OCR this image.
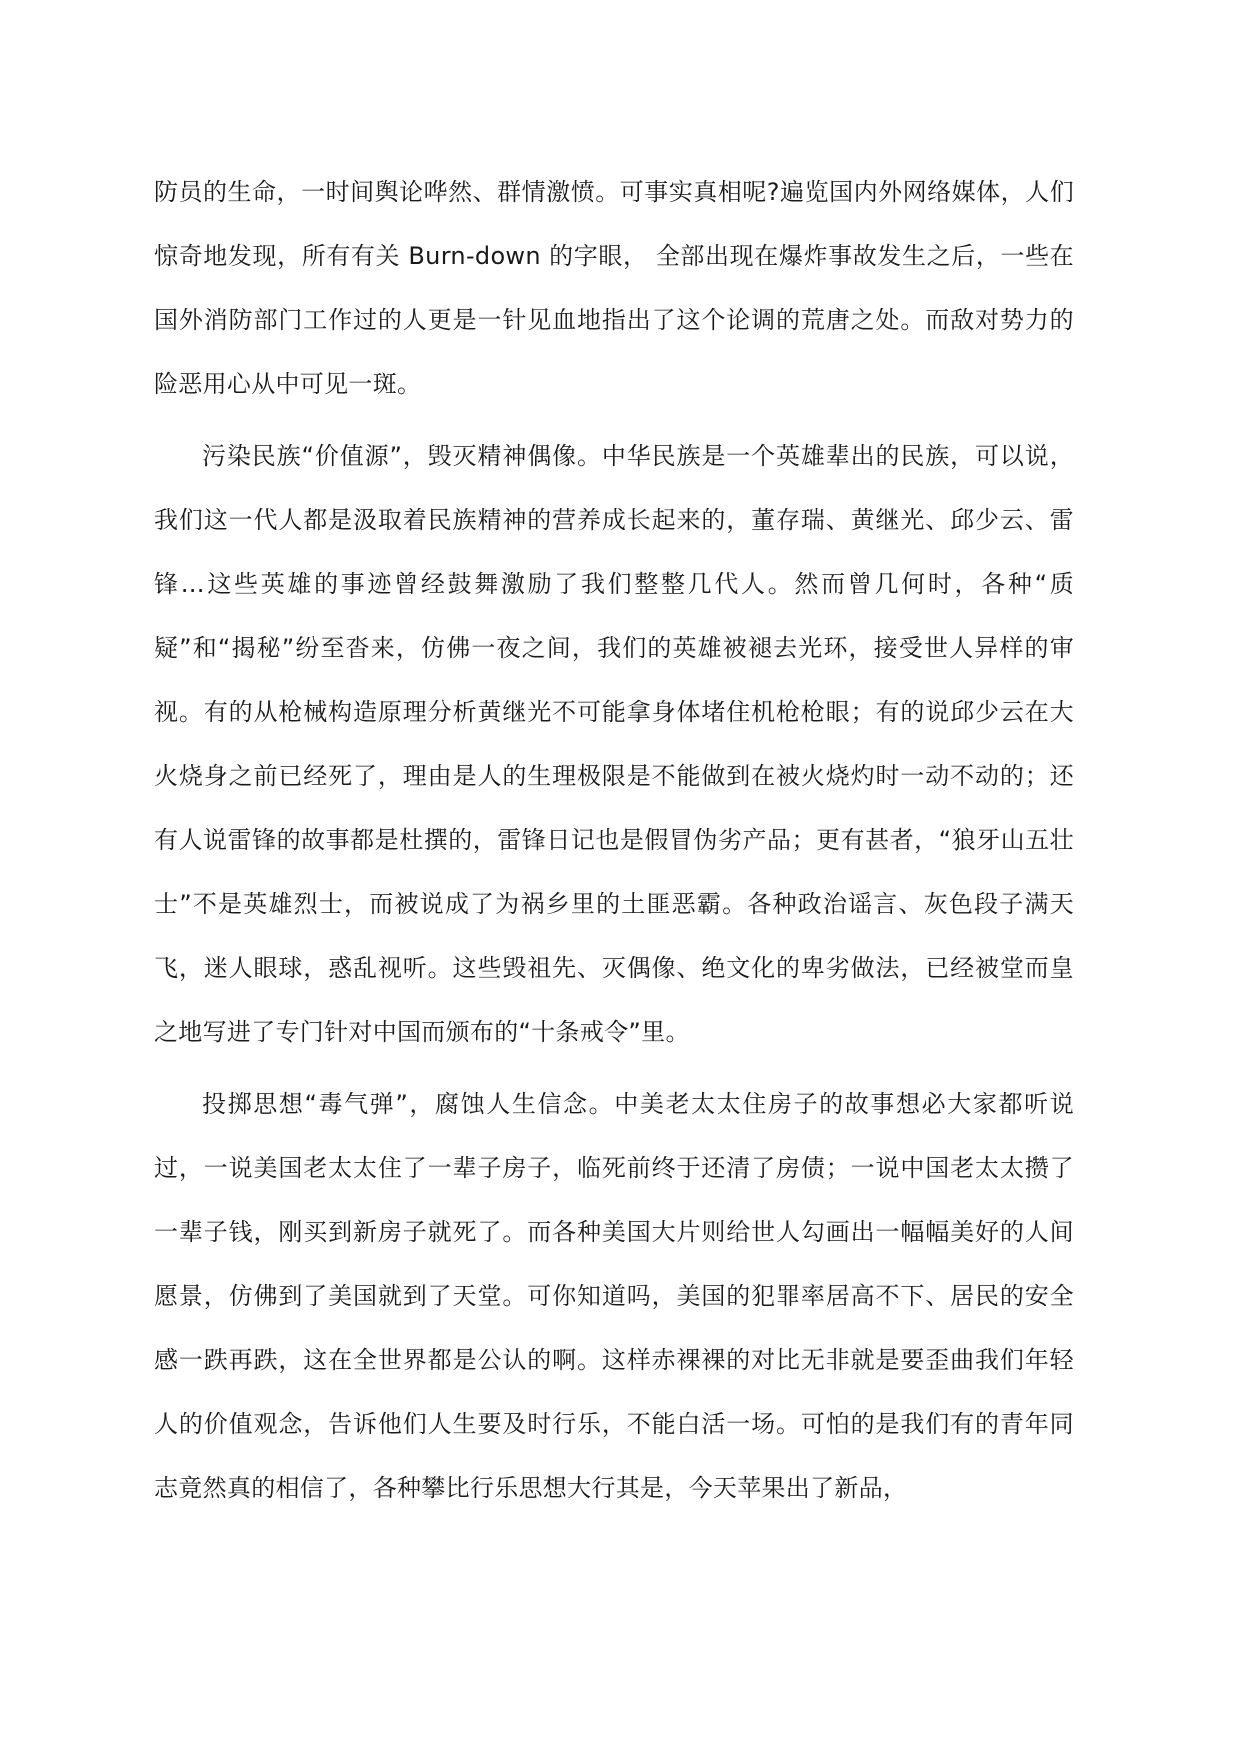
防员的生命，一时间舆论哗然、群情激愤。可事实真相呢?遍览国内外网络媒体，人们惊奇地发现，所有有关 Burn-down 的字眼， 全部出现在爆炸事故发生之后，一些在国外消防部门工作过的人更是一针见血地指出了这个论调的荒唐之处。而敌对势力的险恶用心从中可见一斑。

污染民族“价值源”，毁灭精神偶像。中华民族是一个英雄辈出的民族，可以说，我们这一代人都是汲取着民族精神的营养成长起来的，董存瑞、黄继光、邱少云、雷锋…这些英雄的事迹曾经鼓舞激励了我们整整几代人。然而曾几何时，各种“质疑”和“揭秘”纷至沓来，仿佛一夜之间，我们的英雄被褪去光环，接受世人异样的审视。有的从枪械构造原理分析黄继光不可能拿身体堵住机枪枪眼；有的说邱少云在大火烧身之前已经死了，理由是人的生理极限是不能做到在被火烧灼时一动不动的；还有人说雷锋的故事都是杜撰的，雷锋日记也是假冒伪劣产品；更有甚者，“狼牙山五壮士”不是英雄烈士，而被说成了为祸乡里的土匪恶霸。各种政治谣言、灰色段子满天飞，迷人眼球，惑乱视听。这些毁祖先、灭偶像、绝文化的卑劣做法，已经被堂而皇之地写进了专门针对中国而颁布的“十条戒令”里。

投掷思想“毒气弹”，腐蚀人生信念。中美老太太住房子的故事想必大家都听说过，一说美国老太太住了一辈子房子，临死前终于还清了房债；一说中国老太太攒了一辈子钱，刚买到新房子就死了。而各种美国大片则给世人勾画出一幅幅美好的人间愿景，仿佛到了美国就到了天堂。可你知道吗，美国的犯罪率居高不下、居民的安全感一跌再跌，这在全世界都是公认的啊。这样赤裸裸的对比无非就是要歪曲我们年轻人的价值观念，告诉他们人生要及时行乐，不能白活一场。可怕的是我们有的青年同志竟然真的相信了，各种攀比行乐思想大行其是，今天苹果出了新品，
